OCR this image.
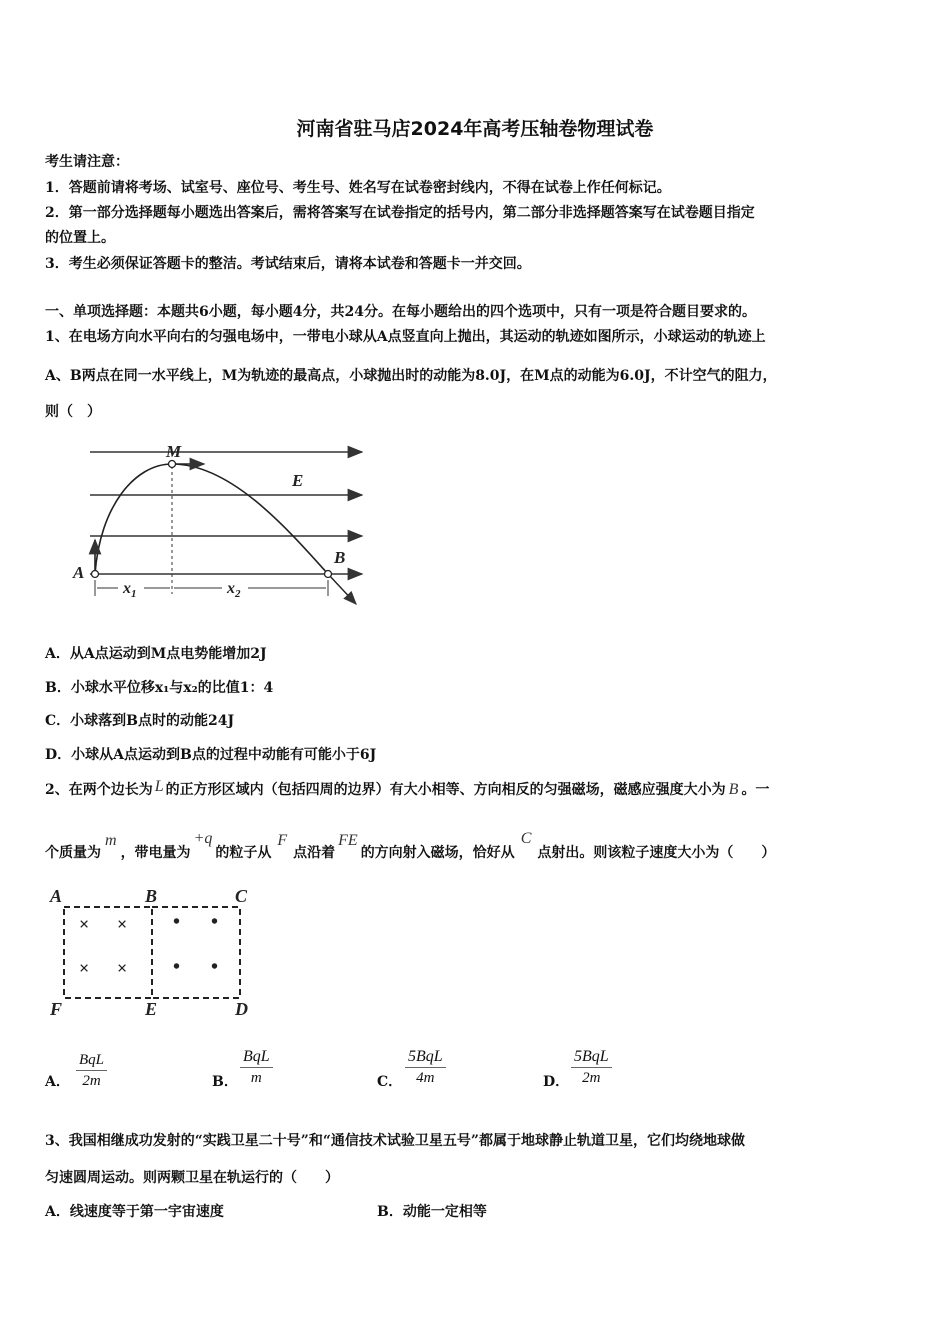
河南省驻马店2024年高考压轴卷物理试卷
考生请注意：
1．答题前请将考场、试室号、座位号、考生号、姓名写在试卷密封线内，不得在试卷上作任何标记。
2．第一部分选择题每小题选出答案后，需将答案写在试卷指定的括号内，第二部分非选择题答案写在试卷题目指定
的位置上。
3．考生必须保证答题卡的整洁。考试结束后，请将本试卷和答题卡一并交回。
一、单项选择题：本题共6小题，每小题4分，共24分。在每小题给出的四个选项中，只有一项是符合题目要求的。
1、在电场方向水平向右的匀强电场中，一带电小球从A点竖直向上抛出，其运动的轨迹如图所示，小球运动的轨迹上
A、B两点在同一水平线上，M为轨迹的最高点，小球抛出时的动能为8.0J，在M点的动能为6.0J，不计空气的阻力，
则（　）
M
E
A
B
$x_1$	$x_2$
A．从A点运动到M点电势能增加2J
B．小球水平位移x₁与x₂的比值1：4
C．小球落到B点时的动能24J
D．小球从A点运动到B点的过程中动能有可能小于6J
2、在两个边长为 L 的正方形区域内（包括四周的边界）有大小相等、方向相反的匀强磁场，磁感应强度大小为 B 。一
个质量为m，带电量为+q的粒子从F点沿着FE的方向射入磁场，恰好从C点射出。则该粒子速度大小为（　　）
× ×
× ×
• •
• •
A	B	C
F	E	D
A．
BqL
2m	B．
BqL
m	C．
5BqL
4m	D．
5BqL
2m
3、我国相继成功发射的“实践卫星二十号”和“通信技术试验卫星五号”都属于地球静止轨道卫星，它们均绕地球做
匀速圆周运动。则两颗卫星在轨运行的（　　）
A．线速度等于第一宇宙速度	B．动能一定相等
